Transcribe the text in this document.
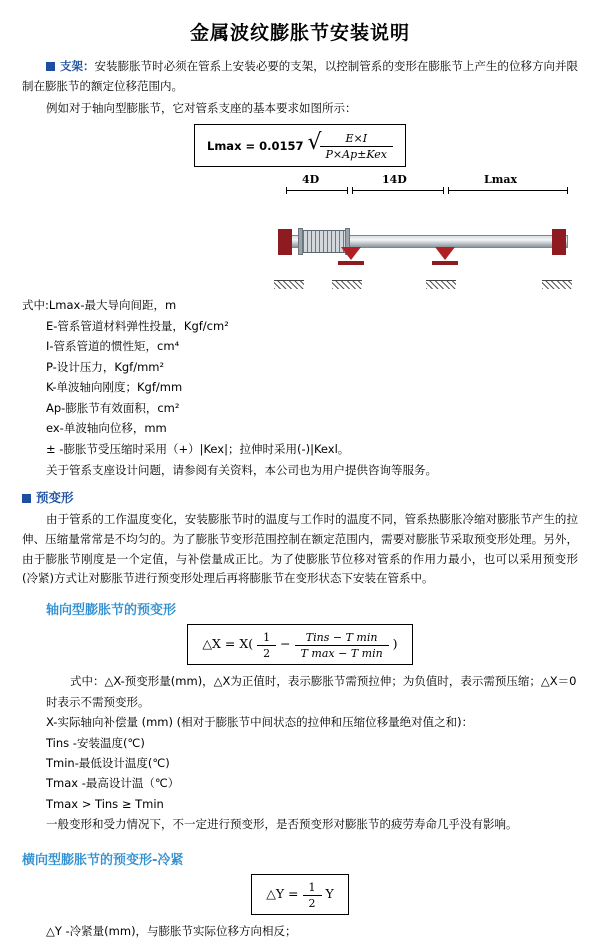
金属波纹膨胀节安装说明

支架：安装膨胀节时必须在管系上安装必要的支架，以控制管系的变形在膨胀节上产生的位移方向并限制在膨胀节的额定位移范围内。

例如对于轴向型膨胀节，它对管系支座的基本要求如图所示：

Lmax = 0.0157 √ $\frac{E\times I}{\text{P×Ap±Kex}}$
4D	14D	Lmax
式中:Lmax-最大导向间距，m
E-管系管道材料弹性投量，Kgf/cm²
I-管系管道的惯性矩，cm⁴
P-设计压力，Kgf/mm²
K-单波轴向刚度；Kgf/mm
Ap-膨胀节有效面积，cm²
ex-单波轴向位移，mm
± -膨胀节受压缩时采用（+）|Kex|；拉伸时采用(-)|Kexl。

关于管系支座设计问题，请参阅有关资料，本公司也为用户提供咨询等服务。

预变形

由于管系的工作温度变化，安装膨胀节时的温度与工作时的温度不同，管系热膨胀冷缩对膨胀节产生的拉伸、压缩量常常是不均匀的。为了膨胀节变形范围控制在额定范围内，需要对膨胀节采取预变形处理。另外，由于膨胀节刚度是一个定值，与补偿量成正比。为了使膨胀节位移对管系的作用力最小，也可以采用预变形(冷紧)方式让对膨胀节进行预变形处理后再将膨胀节在变形状态下安装在管系中。

轴向型膨胀节的预变形
△X = $X( \frac{1}{2} - \frac{\text{Tins − T min}}{\text{T max − T min}}$ )
式中：△X-预变形量(mm)，△X为正值时，表示膨胀节需预拉伸；为负值时，表示需预压缩；△X＝0时表示不需预变形。
X-实际轴向补偿量 (mm) (相对于膨胀节中间状态的拉伸和压缩位移量绝对值之和)：
Tins -安装温度(℃)
Tmin-最低设计温度(℃)
Tmax -最高设计温（℃）
Tmax > Tins ≥ Tmin
一般变形和受力情况下，不一定进行预变形，是否预变形对膨胀节的疲劳寿命几乎没有影响。
横向型膨胀节的预变形-冷紧
△Y = $\frac{1}{2}$ Y
△Y -冷紧量(mm)，与膨胀节实际位移方向相反；
